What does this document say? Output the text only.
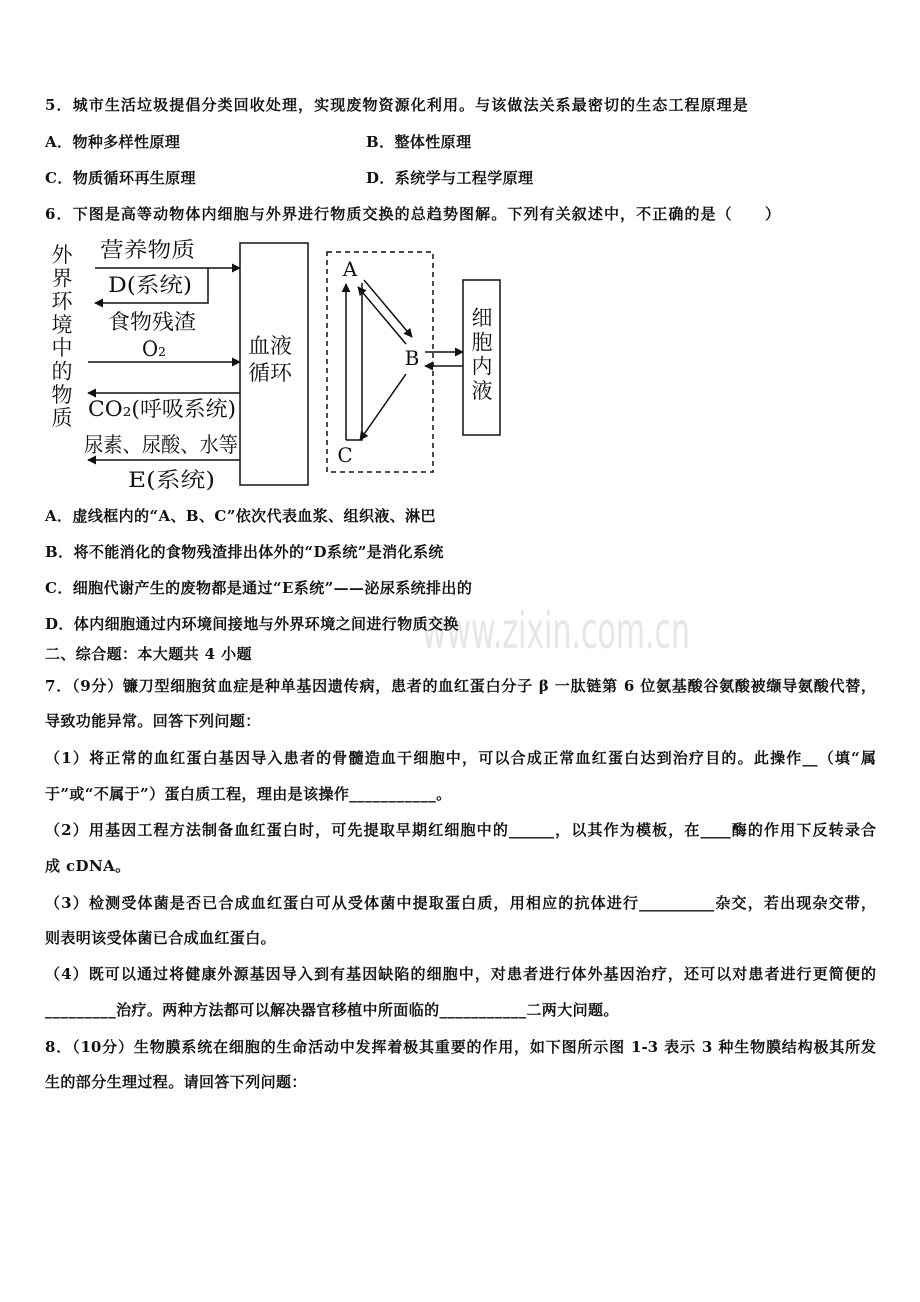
www.zixin.com.cn
5．城市生活垃圾提倡分类回收处理，实现废物资源化利用。与该做法关系最密切的生态工程原理是
A．物种多样性原理	B．整体性原理
C．物质循环再生原理	D．系统学与工程学原理
6．下图是高等动物体内细胞与外界进行物质交换的总趋势图解。下列有关叙述中，不正确的是（　　）
外界环境中的物质
营养物质
D(系统)
食物残渣
O₂
CO₂(呼吸系统)
尿素、尿酸、水等
E(系统)
血液
循环
A
B
C
细胞内液
A．虚线框内的“A、B、C”依次代表血浆、组织液、淋巴
B．将不能消化的食物残渣排出体外的“D系统”是消化系统
C．细胞代谢产生的废物都是通过“E系统”——泌尿系统排出的
D．体内细胞通过内环境间接地与外界环境之间进行物质交换
二、综合题：本大题共 4 小题
7．（9分）镰刀型细胞贫血症是种单基因遗传病，患者的血红蛋白分子 β 一肽链第 6 位氨基酸谷氨酸被缬导氨酸代替，
导致功能异常。回答下列问题：
（1）将正常的血红蛋白基因导入患者的骨髓造血干细胞中，可以合成正常血红蛋白达到治疗目的。此操作__（填“属
于”或“不属于”）蛋白质工程，理由是该操作___________。
（2）用基因工程方法制备血红蛋白时，可先提取早期红细胞中的______，以其作为模板，在____酶的作用下反转录合
成 cDNA。
（3）检测受体菌是否已合成血红蛋白可从受体菌中提取蛋白质，用相应的抗体进行__________杂交，若出现杂交带，
则表明该受体菌已合成血红蛋白。
（4）既可以通过将健康外源基因导入到有基因缺陷的细胞中，对患者进行体外基因治疗，还可以对患者进行更简便的
_________治疗。两种方法都可以解决器官移植中所面临的___________二两大问题。
8．（10分）生物膜系统在细胞的生命活动中发挥着极其重要的作用，如下图所示图 1-3 表示 3 种生物膜结构极其所发
生的部分生理过程。请回答下列问题：
